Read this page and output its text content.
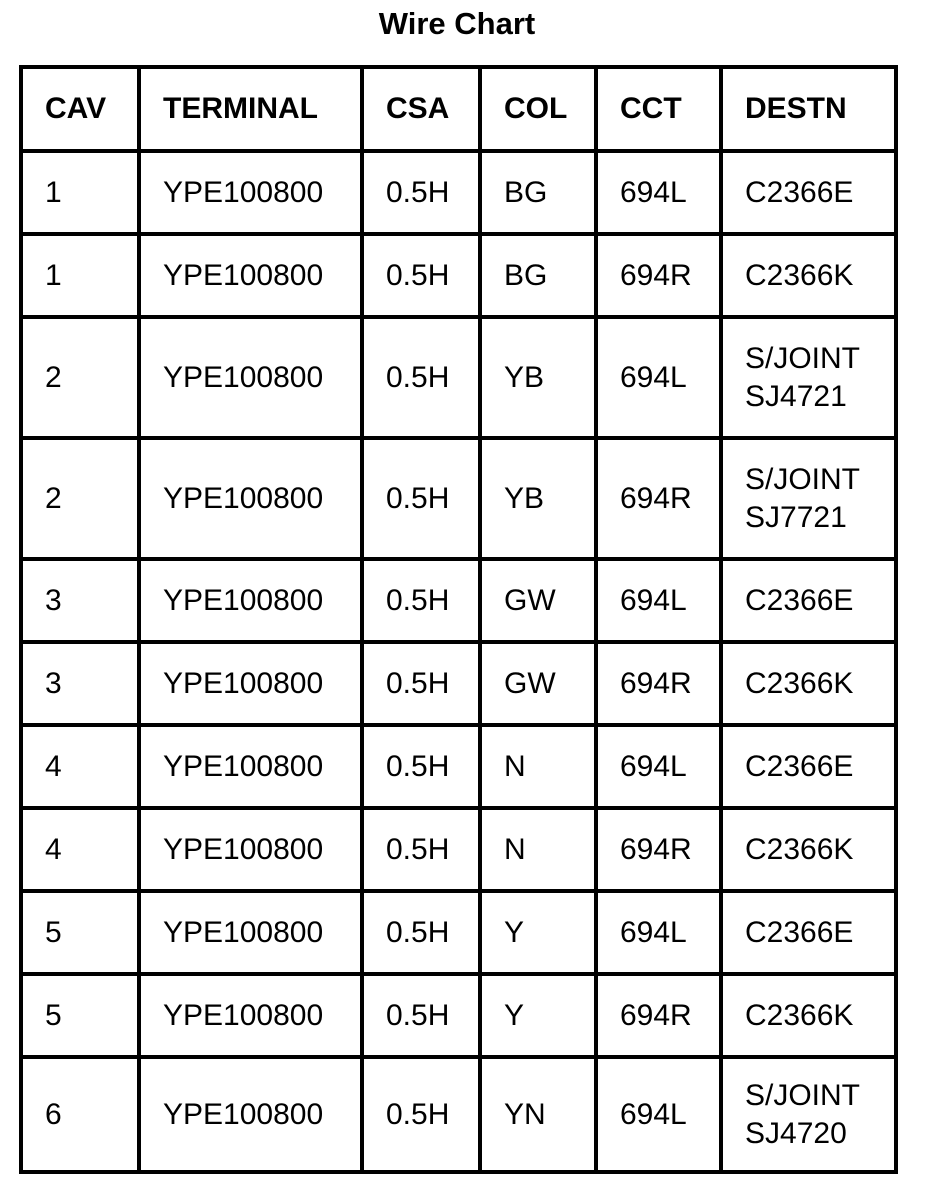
Wire Chart
CAV	TERMINAL	CSA	COL	CCT	DESTN
1	YPE100800	0.5H	BG	694L	C2366E

1	YPE100800	0.5H	BG	694R	C2366K

2	YPE100800	0.5H	YB	694L	S/JOINT
SJ4721

2	YPE100800	0.5H	YB	694R	S/JOINT
SJ7721

3	YPE100800	0.5H	GW	694L	C2366E

3	YPE100800	0.5H	GW	694R	C2366K

4	YPE100800	0.5H	N	694L	C2366E

4	YPE100800	0.5H	N	694R	C2366K

5	YPE100800	0.5H	Y	694L	C2366E

5	YPE100800	0.5H	Y	694R	C2366K

6	YPE100800	0.5H	YN	694L	S/JOINT
SJ4720
